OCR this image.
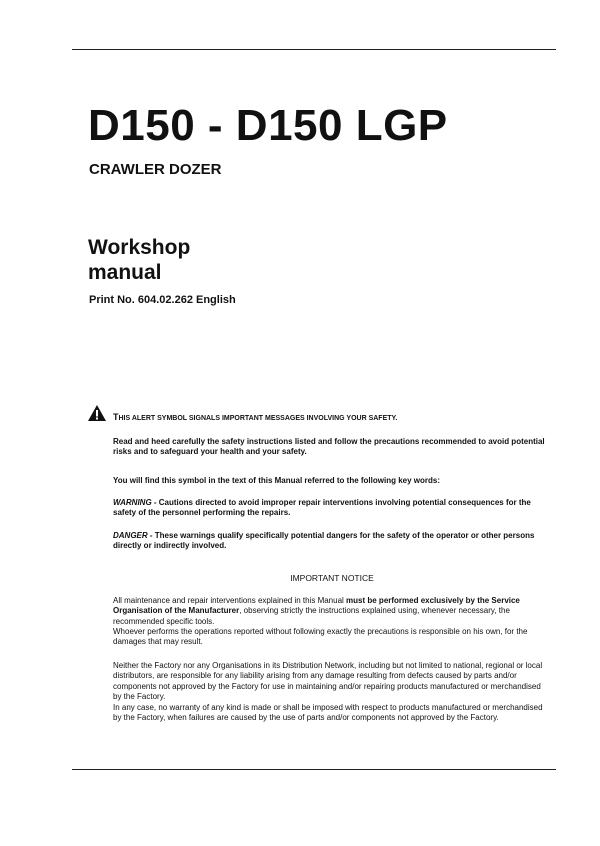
D150 - D150 LGP
CRAWLER DOZER
Workshop
manual
Print No. 604.02.262 English
THIS ALERT SYMBOL SIGNALS IMPORTANT MESSAGES INVOLVING YOUR SAFETY.
Read and heed carefully the safety instructions listed and follow the precautions recommended to avoid potential risks and to safeguard your health and your safety.
You will find this symbol in the text of this Manual referred to the following key words:
WARNING - Cautions directed to avoid improper repair interventions involving potential consequences for the safety of the personnel performing the repairs.
DANGER - These warnings qualify specifically potential dangers for the safety of the operator or other persons directly or indirectly involved.
IMPORTANT NOTICE
All maintenance and repair interventions explained in this Manual must be performed exclusively by the Service Organisation of the Manufacturer, observing strictly the instructions explained using, whenever necessary, the recommended specific tools.
Whoever performs the operations reported without following exactly the precautions is responsible on his own, for the damages that may result.
Neither the Factory nor any Organisations in its Distribution Network, including but not limited to national, regional or local distributors, are responsible for any liability arising from any damage resulting from defects caused by parts and/or components not approved by the Factory for use in maintaining and/or repairing products manufactured or merchandised by the Factory.
In any case, no warranty of any kind is made or shall be imposed with respect to products manufactured or merchandised by the Factory, when failures are caused by the use of parts and/or components not approved by the Factory.
